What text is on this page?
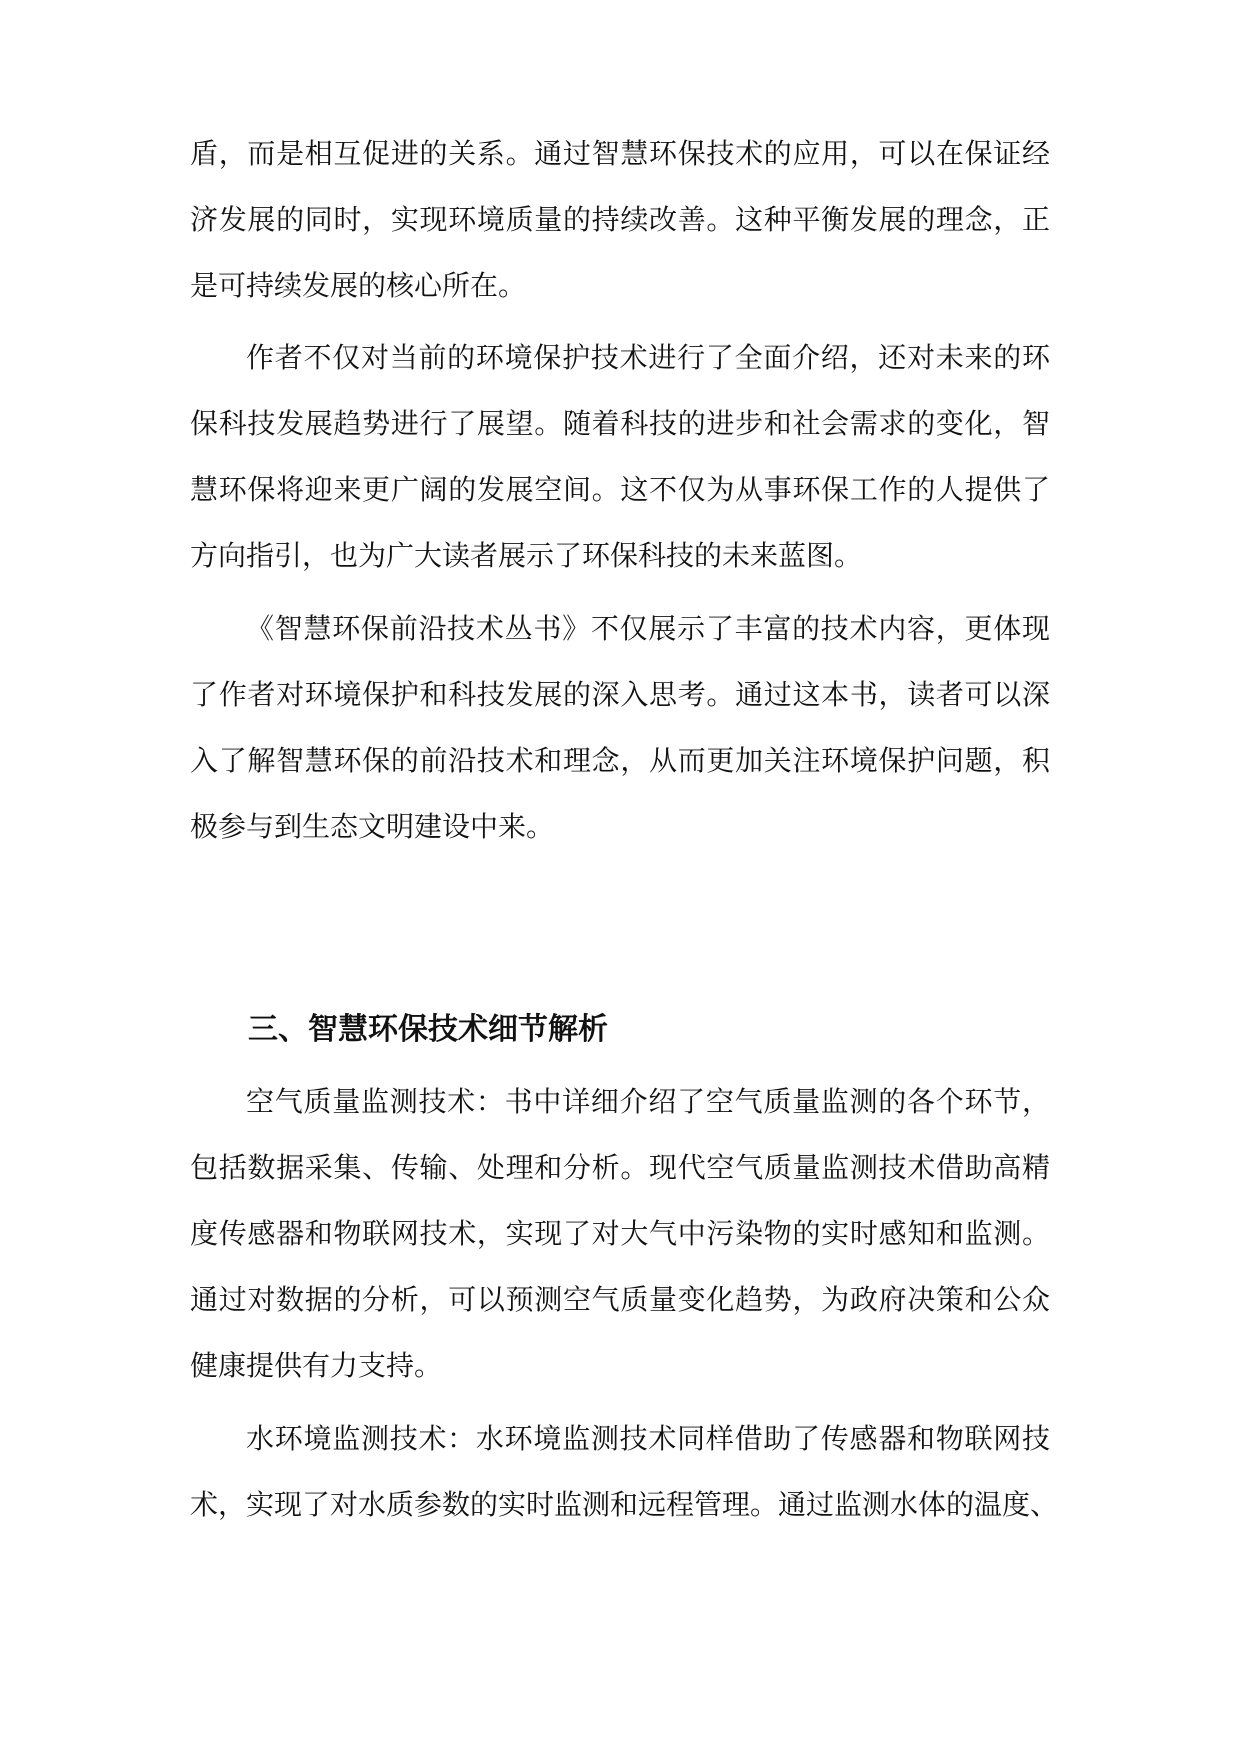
盾，而是相互促进的关系。通过智慧环保技术的应用，可以在保证经
济发展的同时，实现环境质量的持续改善。这种平衡发展的理念，正
是可持续发展的核心所在。
作者不仅对当前的环境保护技术进行了全面介绍，还对未来的环
保科技发展趋势进行了展望。随着科技的进步和社会需求的变化，智
慧环保将迎来更广阔的发展空间。这不仅为从事环保工作的人提供了
方向指引，也为广大读者展示了环保科技的未来蓝图。
《智慧环保前沿技术丛书》不仅展示了丰富的技术内容，更体现
了作者对环境保护和科技发展的深入思考。通过这本书，读者可以深
入了解智慧环保的前沿技术和理念，从而更加关注环境保护问题，积
极参与到生态文明建设中来。
三、智慧环保技术细节解析
空气质量监测技术：书中详细介绍了空气质量监测的各个环节，
包括数据采集、传输、处理和分析。现代空气质量监测技术借助高精
度传感器和物联网技术，实现了对大气中污染物的实时感知和监测。
通过对数据的分析，可以预测空气质量变化趋势，为政府决策和公众
健康提供有力支持。
水环境监测技术：水环境监测技术同样借助了传感器和物联网技
术，实现了对水质参数的实时监测和远程管理。通过监测水体的温度、
